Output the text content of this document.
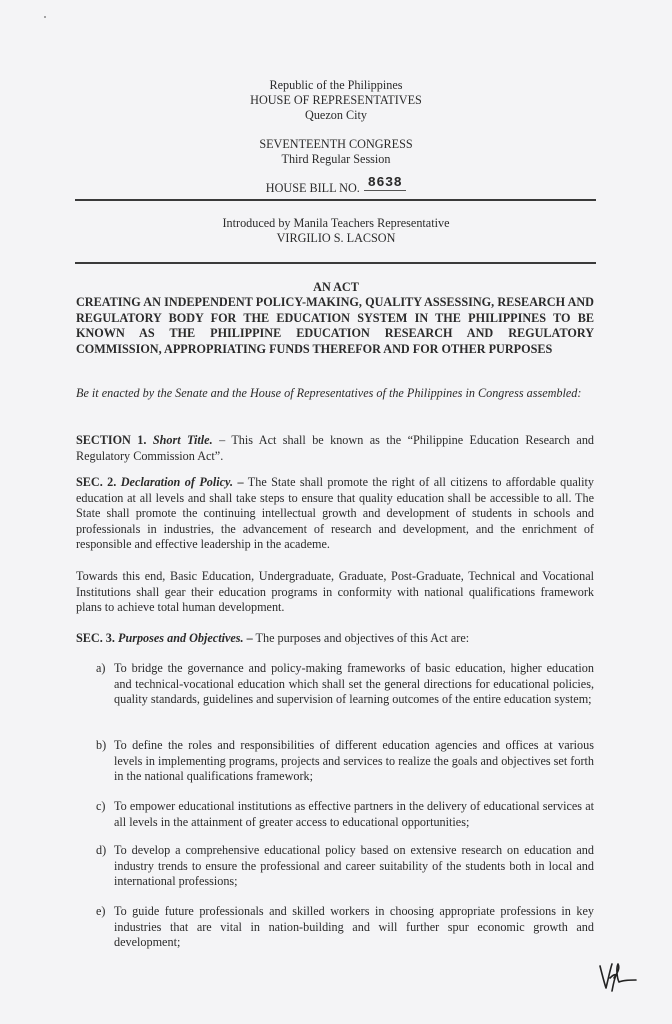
Republic of the Philippines
HOUSE OF REPRESENTATIVES
Quezon City
SEVENTEENTH CONGRESS
Third Regular Session
HOUSE BILL NO. 8638
Introduced by Manila Teachers Representative
VIRGILIO S. LACSON
AN ACT
CREATING AN INDEPENDENT POLICY-MAKING, QUALITY ASSESSING, RESEARCH AND REGULATORY BODY FOR THE EDUCATION SYSTEM IN THE PHILIPPINES TO BE KNOWN AS THE PHILIPPINE EDUCATION RESEARCH AND REGULATORY COMMISSION, APPROPRIATING FUNDS THEREFOR AND FOR OTHER PURPOSES
Be it enacted by the Senate and the House of Representatives of the Philippines in Congress assembled:
SECTION 1. Short Title. – This Act shall be known as the “Philippine Education Research and Regulatory Commission Act”.
SEC. 2. Declaration of Policy. – The State shall promote the right of all citizens to affordable quality education at all levels and shall take steps to ensure that quality education shall be accessible to all. The State shall promote the continuing intellectual growth and development of students in schools and professionals in industries, the advancement of research and development, and the enrichment of responsible and effective leadership in the academe.
Towards this end, Basic Education, Undergraduate, Graduate, Post-Graduate, Technical and Vocational Institutions shall gear their education programs in conformity with national qualifications framework plans to achieve total human development.
SEC. 3. Purposes and Objectives. – The purposes and objectives of this Act are:
a) To bridge the governance and policy-making frameworks of basic education, higher education and technical-vocational education which shall set the general directions for educational policies, quality standards, guidelines and supervision of learning outcomes of the entire education system;
b) To define the roles and responsibilities of different education agencies and offices at various levels in implementing programs, projects and services to realize the goals and objectives set forth in the national qualifications framework;
c) To empower educational institutions as effective partners in the delivery of educational services at all levels in the attainment of greater access to educational opportunities;
d) To develop a comprehensive educational policy based on extensive research on education and industry trends to ensure the professional and career suitability of the students both in local and international professions;
e) To guide future professionals and skilled workers in choosing appropriate professions in key industries that are vital in nation-building and will further spur economic growth and development;
